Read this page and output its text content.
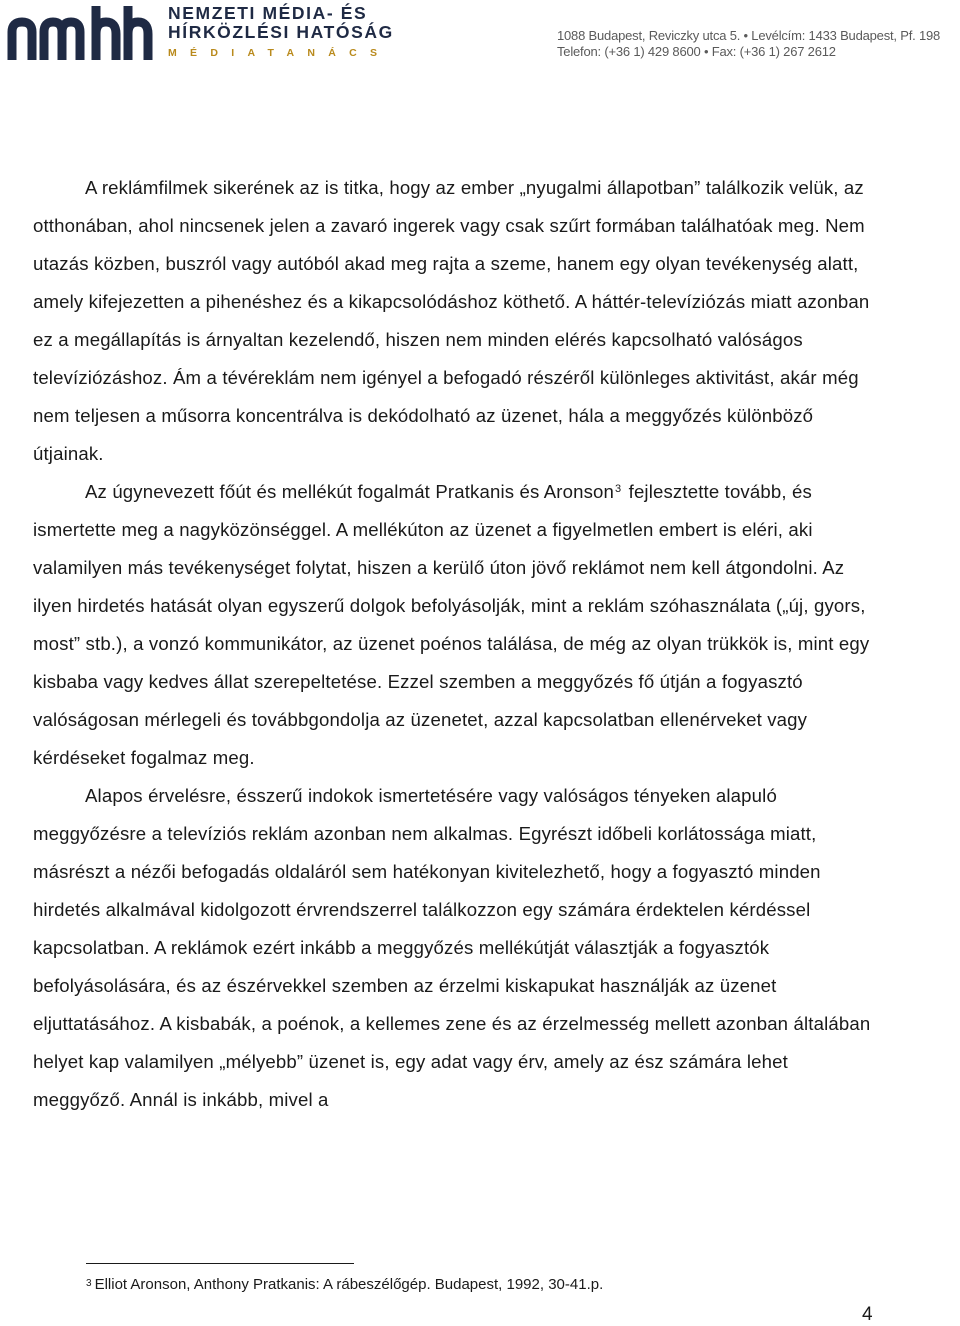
NEMZETI MÉDIA- ÉS
HÍRKÖZLÉSI HATÓSÁG
MÉDIATANÁCS
1088 Budapest, Reviczky utca 5. • Levélcím: 1433 Budapest, Pf. 198
Telefon: (+36 1) 429 8600 • Fax: (+36 1) 267 2612

A reklámfilmek sikerének az is titka, hogy az ember „nyugalmi állapotban” találkozik velük, az otthonában, ahol nincsenek jelen a zavaró ingerek vagy csak szűrt formában találhatóak meg. Nem utazás közben, buszról vagy autóból akad meg rajta a szeme, hanem egy olyan tevékenység alatt, amely kifejezetten a pihenéshez és a kikapcsolódáshoz köthető. A háttér-televíziózás miatt azonban ez a megállapítás is árnyaltan kezelendő, hiszen nem minden elérés kapcsolható valóságos televíziózáshoz. Ám a tévéreklám nem igényel a befogadó részéről különleges aktivitást, akár még nem teljesen a műsorra koncentrálva is dekódolható az üzenet, hála a meggyőzés különböző útjainak.

Az úgynevezett főút és mellékút fogalmát Pratkanis és Aronson$^3$ fejlesztette tovább, és ismertette meg a nagyközönséggel. A mellékúton az üzenet a figyelmetlen embert is eléri, aki valamilyen más tevékenységet folytat, hiszen a kerülő úton jövő reklámot nem kell átgondolni. Az ilyen hirdetés hatását olyan egyszerű dolgok befolyásolják, mint a reklám szóhasználata („új, gyors, most” stb.), a vonzó kommunikátor, az üzenet poénos találása, de még az olyan trükkök is, mint egy kisbaba vagy kedves állat szerepeltetése. Ezzel szemben a meggyőzés fő útján a fogyasztó valóságosan mérlegeli és továbbgondolja az üzenetet, azzal kapcsolatban ellenérveket vagy kérdéseket fogalmaz meg.

Alapos érvelésre, ésszerű indokok ismertetésére vagy valóságos tényeken alapuló meggyőzésre a televíziós reklám azonban nem alkalmas. Egyrészt időbeli korlátossága miatt, másrészt a nézői befogadás oldaláról sem hatékonyan kivitelezhető, hogy a fogyasztó minden hirdetés alkalmával kidolgozott érvrendszerrel találkozzon egy számára érdektelen kérdéssel kapcsolatban. A reklámok ezért inkább a meggyőzés mellékútját választják a fogyasztók befolyásolására, és az észérvekkel szemben az érzelmi kiskapukat használják az üzenet eljuttatásához. A kisbabák, a poénok, a kellemes zene és az érzelmesség mellett azonban általában helyet kap valamilyen „mélyebb” üzenet is, egy adat vagy érv, amely az ész számára lehet meggyőző. Annál is inkább, mivel a

$^3$ Elliot Aronson, Anthony Pratkanis: A rábeszélőgép. Budapest, 1992, 30-41.p.
4
